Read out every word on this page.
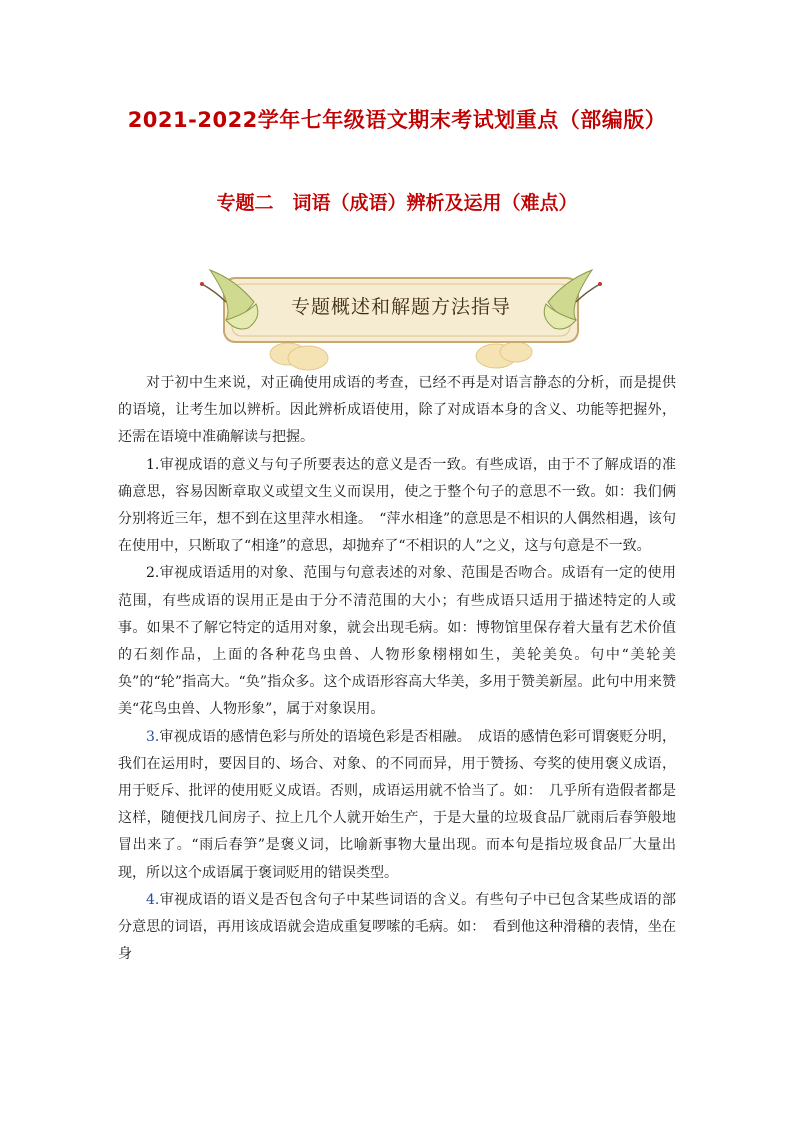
2021-2022学年七年级语文期末考试划重点（部编版）
专题二　词语（成语）辨析及运用（难点）
专题概述和解题方法指导

对于初中生来说，对正确使用成语的考查，已经不再是对语言静态的分析，而是提供的语境，让考生加以辨析。因此辨析成语使用，除了对成语本身的含义、功能等把握外，还需在语境中准确解读与把握。

1.审视成语的意义与句子所要表达的意义是否一致。有些成语，由于不了解成语的准确意思，容易因断章取义或望文生义而误用，使之于整个句子的意思不一致。如：我们俩分别将近三年，想不到在这里萍水相逢。　“萍水相逢”的意思是不相识的人偶然相遇，该句在使用中，只断取了“相逢”的意思，却抛弃了“不相识的人”之义，这与句意是不一致。

2.审视成语适用的对象、范围与句意表述的对象、范围是否吻合。成语有一定的使用范围，有些成语的误用正是由于分不清范围的大小；有些成语只适用于描述特定的人或事。如果不了解它特定的适用对象，就会出现毛病。如：博物馆里保存着大量有艺术价值的石刻作品，上面的各种花鸟虫兽、人物形象栩栩如生，美轮美奂。句中“美轮美奂”的“轮”指高大。“奂”指众多。这个成语形容高大华美，多用于赞美新屋。此句中用来赞美“花鸟虫兽、人物形象”，属于对象误用。

3.审视成语的感情色彩与所处的语境色彩是否相融。　成语的感情色彩可谓褒贬分明，我们在运用时，要因目的、场合、对象、的不同而异，用于赞扬、夸奖的使用褒义成语，用于贬斥、批评的使用贬义成语。否则，成语运用就不恰当了。如：　几乎所有造假者都是这样，随便找几间房子、拉上几个人就开始生产，于是大量的垃圾食品厂就雨后春笋般地冒出来了。“雨后春笋”是褒义词，比喻新事物大量出现。而本句是指垃圾食品厂大量出现，所以这个成语属于褒词贬用的错误类型。

4.审视成语的语义是否包含句子中某些词语的含义。有些句子中已包含某些成语的部分意思的词语，再用该成语就会造成重复啰嗦的毛病。如：　看到他这种滑稽的表情，坐在身
